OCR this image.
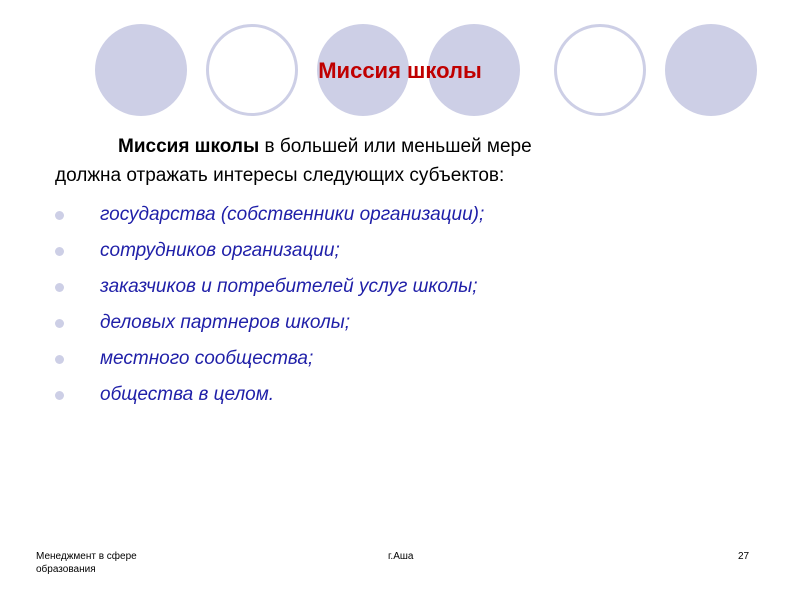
Миссия школы
Миссия школы в большей или меньшей мере
должна отражать интересы следующих субъектов:
государства (собственники организации);
сотрудников организации;
заказчиков и потребителей услуг школы;
деловых партнеров школы;
местного сообщества;
общества в целом.
Менеджмент в сфере образования
г.Аша	27
